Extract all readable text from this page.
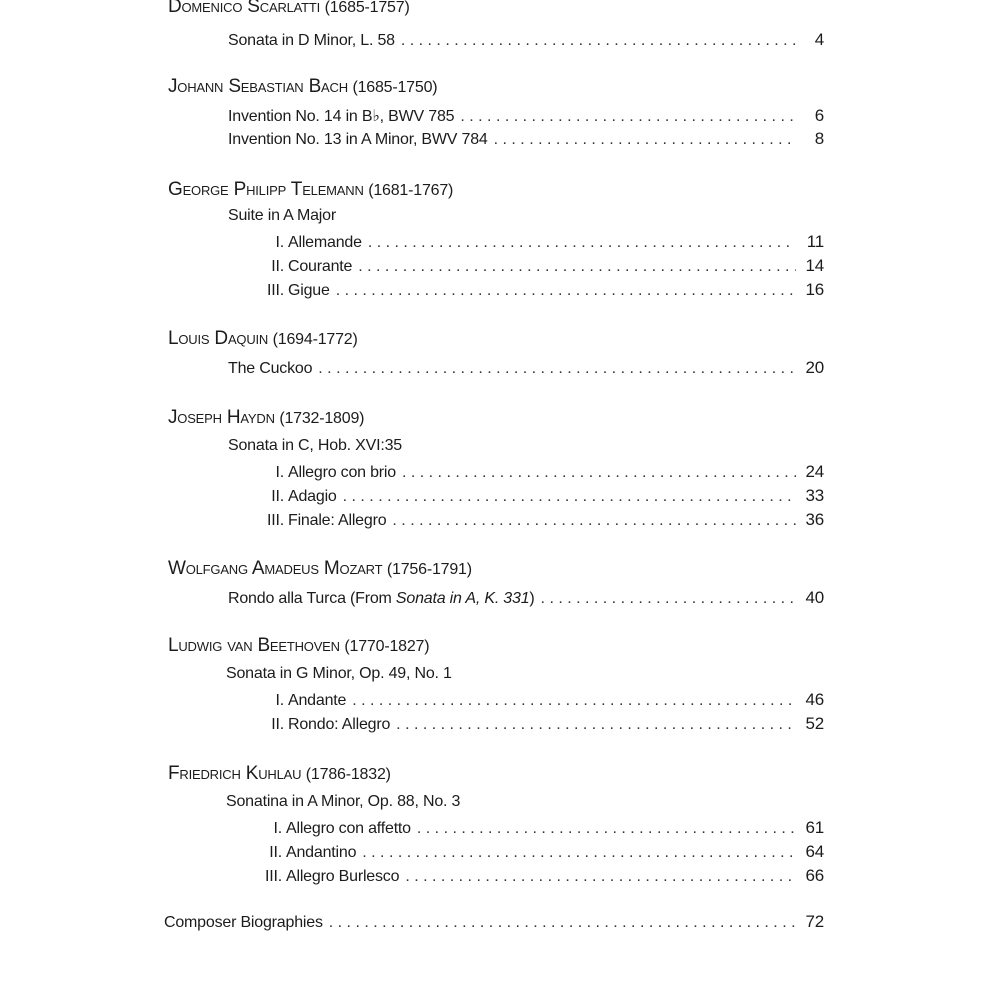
Domenico Scarlatti (1685-1757)
Sonata in D Minor, L. 58 . . .	4
Johann Sebastian Bach (1685-1750)
Invention No. 14 in B♭, BWV 785 . . .	6
Invention No. 13 in A Minor, BWV 784 . . .	8
George Philipp Telemann (1681-1767)
Suite in A Major
I. Allemande . . .	11
II. Courante . . .	14
III. Gigue . . .	16
Louis Daquin (1694-1772)
The Cuckoo . . .	20
Joseph Haydn (1732-1809)
Sonata in C, Hob. XVI:35
I. Allegro con brio . . .	24
II. Adagio . . .	33
III. Finale: Allegro . . .	36
Wolfgang Amadeus Mozart (1756-1791)
Rondo alla Turca (From Sonata in A, K. 331) . . .	40
Ludwig van Beethoven (1770-1827)
Sonata in G Minor, Op. 49, No. 1
I. Andante . . .	46
II. Rondo: Allegro . . .	52
Friedrich Kuhlau (1786-1832)
Sonatina in A Minor, Op. 88, No. 3
I. Allegro con affetto . . .	61
II. Andantino . . .	64
III. Allegro Burlesco . . .	66
Composer Biographies . . .	72
